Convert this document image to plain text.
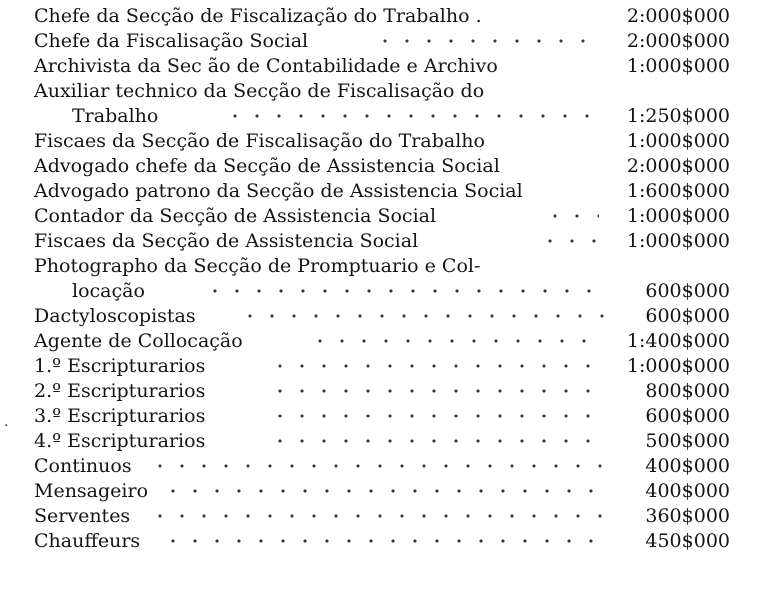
·
Chefe da Secção de Fiscalização do Trabalho .	2:000$000
Chefe da Fiscalisação Social	2:000$000
Archivista da Sec ão de Contabilidade e Archivo	1:000$000
Auxiliar technico da Secção de Fiscalisação do
Trabalho	1:250$000
Fiscaes da Secção de Fiscalisação do Trabalho	1:000$000
Advogado chefe da Secção de Assistencia Social	2:000$000
Advogado patrono da Secção de Assistencia Social	1:600$000
Contador da Secção de Assistencia Social	1:000$000
Fiscaes da Secção de Assistencia Social	1:000$000
Photographo da Secção de Promptuario e Col-
locação	600$000
Dactyloscopistas	600$000
Agente de Collocação	1:400$000
1.º Escripturarios	1:000$000
2.º Escripturarios	800$000
3.º Escripturarios	600$000
4.º Escripturarios	500$000
Continuos	400$000
Mensageiro	400$000
Serventes	360$000
Chauffeurs	450$000
